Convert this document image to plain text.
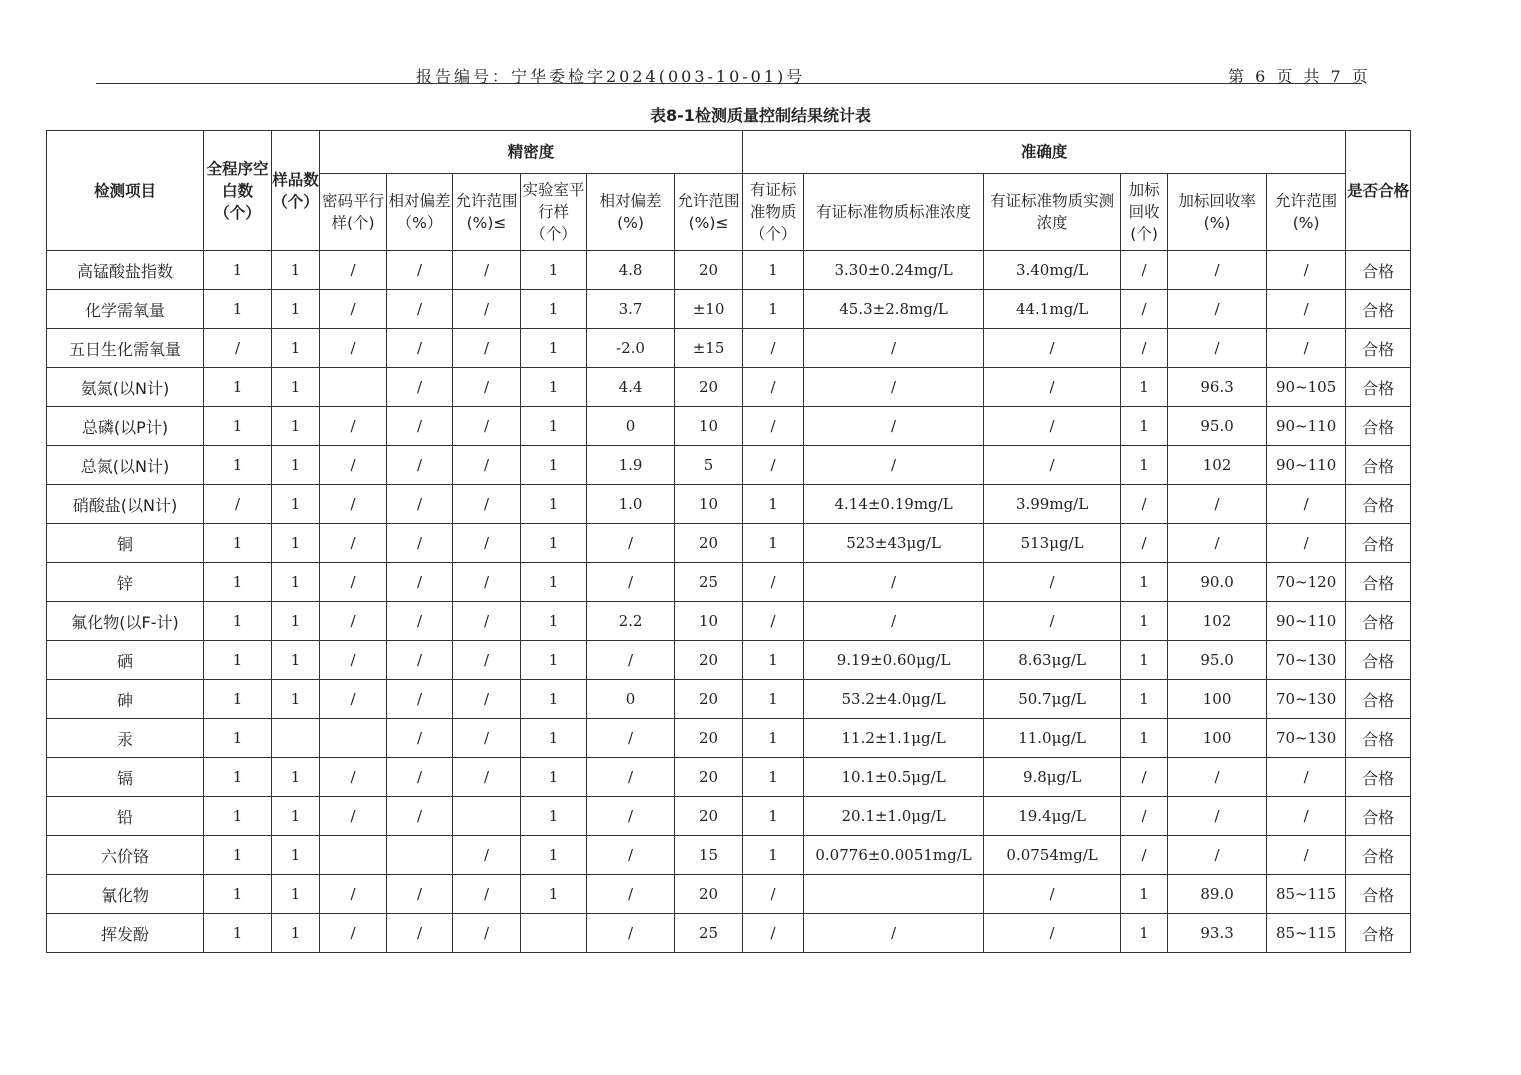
报告编号：宁华委检字2024(003-10-01)号	第 6 页 共 7 页
表8-1检测质量控制结果统计表
检测项目	全程序空白数（个）	样品数（个）	精密度						准确度						是否合格
			密码平行样(个)	相对偏差（%）	允许范围(%)≤	实验室平行样（个）	相对偏差(%)	允许范围(%)≤	有证标准物质（个）	有证标准物质标准浓度	有证标准物质实测浓度	加标回收(个)	加标回收率(%)	允许范围(%)	
高锰酸盐指数	1	1	/	/	/	1	4.8	20	1	3.30±0.24mg/L	3.40mg/L	/	/	/	合格
化学需氧量	1	1	/	/	/	1	3.7	±10	1	45.3±2.8mg/L	44.1mg/L	/	/	/	合格
五日生化需氧量	/	1	/	/	/	1	-2.0	±15	/	/	/	/	/	/	合格
氨氮(以N计)	1	1		/	/	1	4.4	20	/	/	/	1	96.3	90~105	合格
总磷(以P计)	1	1	/	/	/	1	0	10	/	/	/	1	95.0	90~110	合格
总氮(以N计)	1	1	/	/	/	1	1.9	5	/	/	/	1	102	90~110	合格
硝酸盐(以N计)	/	1	/	/	/	1	1.0	10	1	4.14±0.19mg/L	3.99mg/L	/	/	/	合格
铜	1	1	/	/	/	1	/	20	1	523±43μg/L	513μg/L	/	/	/	合格
锌	1	1	/	/	/	1	/	25	/	/	/	1	90.0	70~120	合格
氟化物(以F-计)	1	1	/	/	/	1	2.2	10	/	/	/	1	102	90~110	合格
硒	1	1	/	/	/	1	/	20	1	9.19±0.60μg/L	8.63μg/L	1	95.0	70~130	合格
砷	1	1	/	/	/	1	0	20	1	53.2±4.0μg/L	50.7μg/L	1	100	70~130	合格
汞	1			/	/	1	/	20	1	11.2±1.1μg/L	11.0μg/L	1	100	70~130	合格
镉	1	1	/	/	/	1	/	20	1	10.1±0.5μg/L	9.8μg/L	/	/	/	合格
铅	1	1	/	/		1	/	20	1	20.1±1.0μg/L	19.4μg/L	/	/	/	合格
六价铬	1	1			/	1	/	15	1	0.0776±0.0051mg/L	0.0754mg/L	/	/	/	合格
氰化物	1	1	/	/	/	1	/	20	/		/	1	89.0	85~115	合格
挥发酚	1	1	/	/	/		/	25	/	/	/	1	93.3	85~115	合格
